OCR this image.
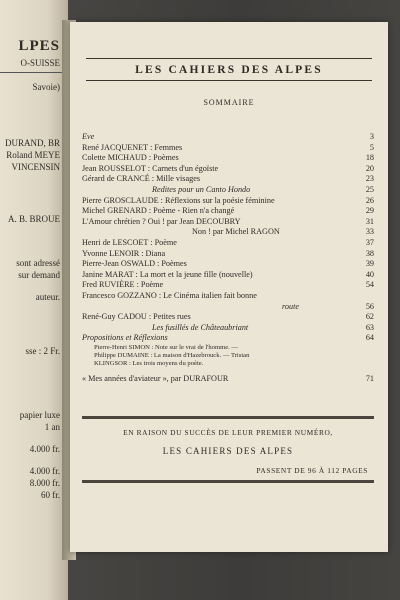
LPES
O-SUISSE
Savoie)
DURAND, BR
Roland MEYE
VINCENSIN
A. B. BROUE
sont adressé
sur demand
auteur.
sse : 2 Fr.
papier luxe
1 an
4.000 fr.
4.000 fr.
8.000 fr.
60 fr.
LES CAHIERS DES ALPES
SOMMAIRE
Eve	3
René JACQUENET : Femmes	5
Colette MICHAUD : Poèmes	18
Jean ROUSSELOT : Carnets d'un égoïste	20
Gérard de CRANCÉ : Mille visages	23
Redites pour un Canto Hondo	25
Pierre GROSCLAUDE : Réflexions sur la poésie féminine	26
Michel GRENARD : Poème - Rien n'a changé	29
L'Amour chrétien ? Oui ! par Jean DECOUBRY	31
Non ! par Michel RAGON	33
Henri de LESCOET : Poème	37
Yvonne LENOIR : Diana	38
Pierre-Jean OSWALD : Poèmes	39
Janine MARAT : La mort et la jeune fille (nouvelle)	40
Fred RUVIÈRE : Poème	54
Francesco GOZZANO : Le Cinéma italien fait bonne
route	56
René-Guy CADOU : Petites rues	62
Les fusillés de Châteaubriant	63
Propositions et Réflexions	64
Pierre-Henri SIMON : Note sur le vrai de l'homme. —
Philippe DUMAINE : La maison d'Hazebrouck. — Tristan
KLINGSOR : Les trois moyens du poète.
« Mes années d'aviateur », par DURAFOUR	71
EN RAISON DU SUCCÈS DE LEUR PREMIER NUMÉRO,
LES CAHIERS DES ALPES
PASSENT DE 96 À 112 PAGES
